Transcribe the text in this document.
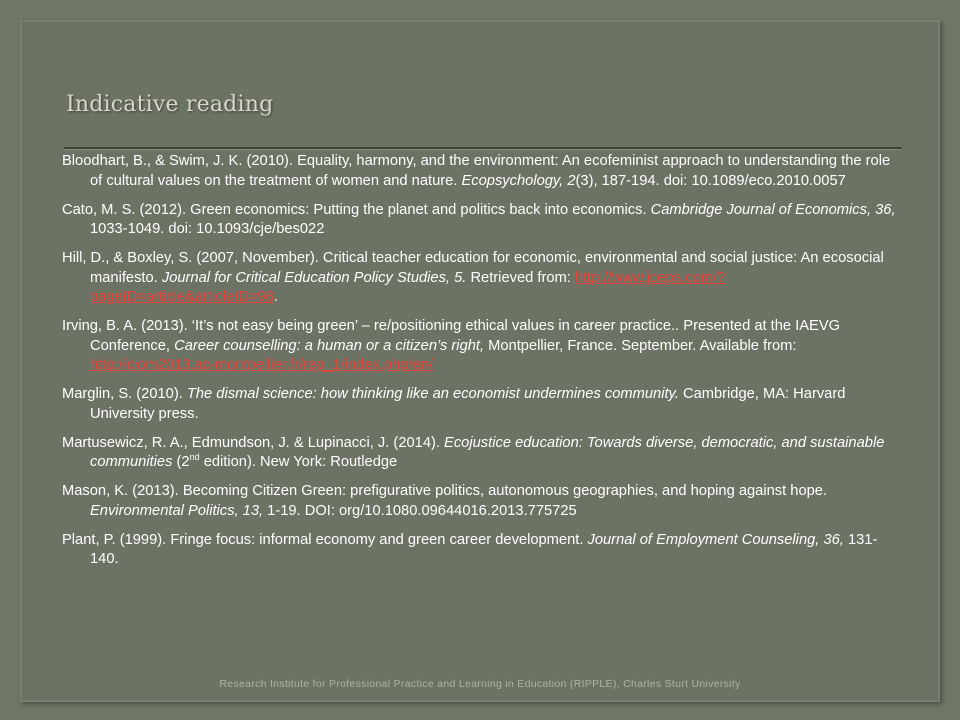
Indicative reading
Bloodhart, B., & Swim, J. K. (2010). Equality, harmony, and the environment: An ecofeminist approach to understanding the role of cultural values on the treatment of women and nature. Ecopsychology, 2(3), 187-194. doi: 10.1089/eco.2010.0057
Cato, M. S. (2012). Green economics: Putting the planet and politics back into economics. Cambridge Journal of Economics, 36, 1033-1049. doi: 10.1093/cje/bes022
Hill, D., & Boxley, S. (2007, November). Critical teacher education for economic, environmental and social justice: An ecosocial manifesto. Journal for Critical Education Policy Studies, 5. Retrieved from: http://www.jceps.com/?pageID=article&articleID=98.
Irving, B. A. (2013). ‘It’s not easy being green’ – re/positioning ethical values in career practice.. Presented at the IAEVG Conference, Career counselling: a human or a citizen’s right, Montpellier, France. September. Available from: http://ciom2013.ac-montpellier.fr/rep_1/index.php/en/
Marglin, S. (2010). The dismal science: how thinking like an economist undermines community. Cambridge, MA: Harvard University press.
Martusewicz, R. A., Edmundson, J. & Lupinacci, J. (2014). Ecojustice education: Towards diverse, democratic, and sustainable communities (2nd edition). New York: Routledge
Mason, K. (2013). Becoming Citizen Green: prefigurative politics, autonomous geographies, and hoping against hope. Environmental Politics, 13, 1-19. DOI: org/10.1080.09644016.2013.775725
Plant, P. (1999). Fringe focus: informal economy and green career development. Journal of Employment Counseling, 36, 131-140.
Research Institute for Professional Practice and Learning in Education (RIPPLE), Charles Sturt University
